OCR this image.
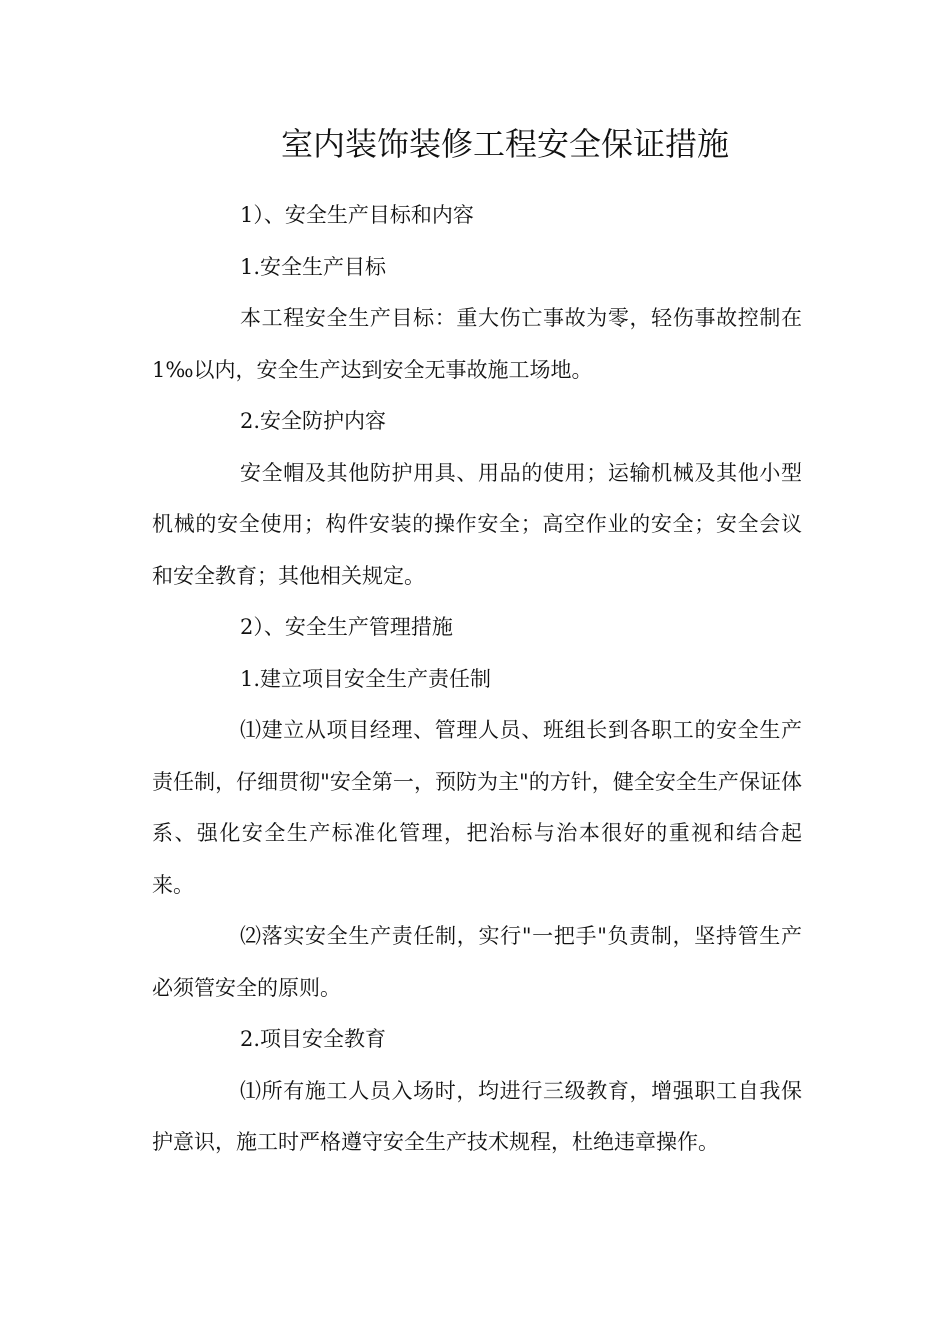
室内装饰装修工程安全保证措施

1）、安全生产目标和内容

1.安全生产目标

本工程安全生产目标：重大伤亡事故为零，轻伤事故控制在1‰以内，安全生产达到安全无事故施工场地。

2.安全防护内容

安全帽及其他防护用具、用品的使用；运输机械及其他小型机械的安全使用；构件安装的操作安全；高空作业的安全；安全会议和安全教育；其他相关规定。

2）、安全生产管理措施

1.建立项目安全生产责任制

⑴建立从项目经理、管理人员、班组长到各职工的安全生产责任制，仔细贯彻"安全第一，预防为主"的方针，健全安全生产保证体系、强化安全生产标准化管理，把治标与治本很好的重视和结合起来。

⑵落实安全生产责任制，实行"一把手"负责制，坚持管生产必须管安全的原则。

2.项目安全教育

⑴所有施工人员入场时，均进行三级教育，增强职工自我保护意识，施工时严格遵守安全生产技术规程，杜绝违章操作。
